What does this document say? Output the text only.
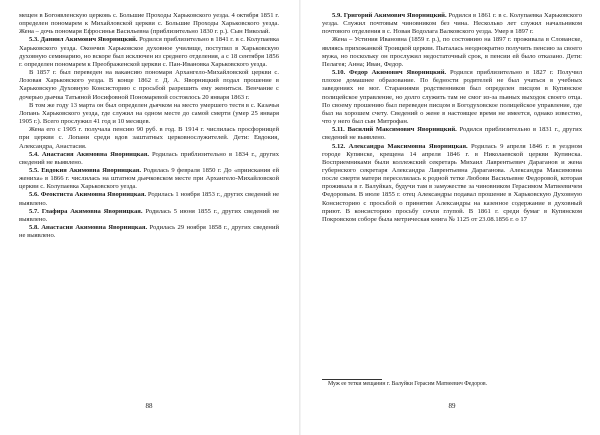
мещен в Богоявленскую церковь с. Большие Проходы Харьковского уезда. 4 октября 1851 г. определен пономарем к Михайловской церкви с. Большие Проходы Харьковского уезда. Жена – дочь пономаря Ефросинья Васильевна (приблизительно 1830 г. р.). Сын Николай.

5.3. Даниил Акимович Яворницкий. Родился приблизительно в 1841 г. в с. Колупаевка Харьковского уезда. Окончив Харьковское духовное училище, поступил в Харьковскую духовную семинарию, но вскоре был исключен из среднего отделения, а с 18 сентября 1856 г. определен пономарем к Преображенской церкви с. Пан-Ивановка Харьковского уезда.

В 1857 г. был переведен на вакансию пономаря Архангело-Михайловской церкви с. Лозовая Харьковского уезда. В конце 1862 г. Д. А. Яворницкий подал прошение в Харьковскую Духовную Консисторию с просьбой разрешить ему жениться. Венчание с дочерью дьячка Татьяной Иосифовной Пономаревой состоялось 20 января 1863 г.

В том же году 13 марта он был определен дьячком на место умершего тестя в с. Казачья Лопань Харьковского уезда, где служил на одном месте до самой смерти (умер 25 января 1905 г.). Всего прослужил 41 год и 10 месяцев.

Жена его с 1905 г. получала пенсию 90 руб. в год. В 1914 г. числилась просфорницей при церкви с. Лопани среди вдов заштатных церковнослужителей. Дети: Евдокия, Александра, Анастасия.

5.4. Анастасия Акимовна Яворницкая. Родилась приблизительно в 1834 г., других сведений не выявлено.

5.5. Евдокия Акимовна Яворницкая. Родилась 9 февраля 1850 г. До «приискания ей жениха» в 1866 г. числилась на штатном дьячковском месте при Архангело-Михайловской церкви с. Колупаевка Харьковского уезда.

5.6. Феоктиста Акимовна Яворницкая. Родилась 1 ноября 1853 г., других сведений не выявлено.

5.7. Глафира Акимовна Яворницкая. Родилась 5 июня 1855 г., других сведений не выявлено.

5.8. Анастасия Акимовна Яворницкая. Родилась 29 ноября 1858 г., других сведений не выявлено.

88

5.9. Григорий Акимович Яворницкий. Родился в 1861 г. в с. Колупаевка Харьковского уезда. Служил почтовым чиновником без чина. Несколько лет служил начальником почтового отделения в с. Новая Водолага Валковского уезда. Умер в 1897 г.

Жена – Устиния Ивановна (1859 г. р.), по состоянию на 1897 г. проживала в Слованске, являясь прихожанкой Троицкой церкви. Пыталась неоднократно получить пенсию за своего мужа, но поскольку он прослужил недостаточный срок, в пенсии ей было отказано. Дети: Пелагея; Анна; Иван, Федор.

5.10. Федор Акимович Яворницкий. Родился приблизительно в 1827 г. Получил плохое домашнее образование. По бедности родителей не был учаться в учебных заведениях не мог. Стараниями родственников был определен писцом в Купянское полицейское управление, но долго служить там не смог из-за пьяных выходок своего отца. По своему прошению был переведен писцом в Богодуховское полицейское управление, где был на хорошем счету. Сведений о жене в настоящее время не имеется, однако известно, что у него был сын Митрофан.

5.11. Василий Максимович Яворницкий. Родился приблизительно в 1831 г., других сведений не выявлено.

5.12. Александра Максимовна Яворницкая. Родилась 9 апреля 1846 г. в уездном городе Купянске, крещена 14 апреля 1846 г. в Николаевской церкви Купянска. Восприемниками были коллежский секретарь Михаил Лаврентьевич Дараганов и жена губернского секретаря Александра Лаврентьевна Дараганова. Александра Максимовна после смерти матери переселилась к родной тетке Любови Васильевне Федоровой, которая проживала в г. Валуйках, будучи там в замужестве за чиновником Герасимом Матвеевичем Федоровым. В июле 1855 г. отец Александры подавал прошение в Харьковскую Духовную Консисторию с просьбой о принятии Александры на казенное содержание в духовный приют. В консисторию просьбу сочли глупой. В 1861 г. среди бумаг в Купянском Покровском соборе была метрическая книга № 1125 от 23.08.1856 г. о 17

Муж ее тетки мещанин г. Валуйки Герасим Матвеевич Федоров.
89
